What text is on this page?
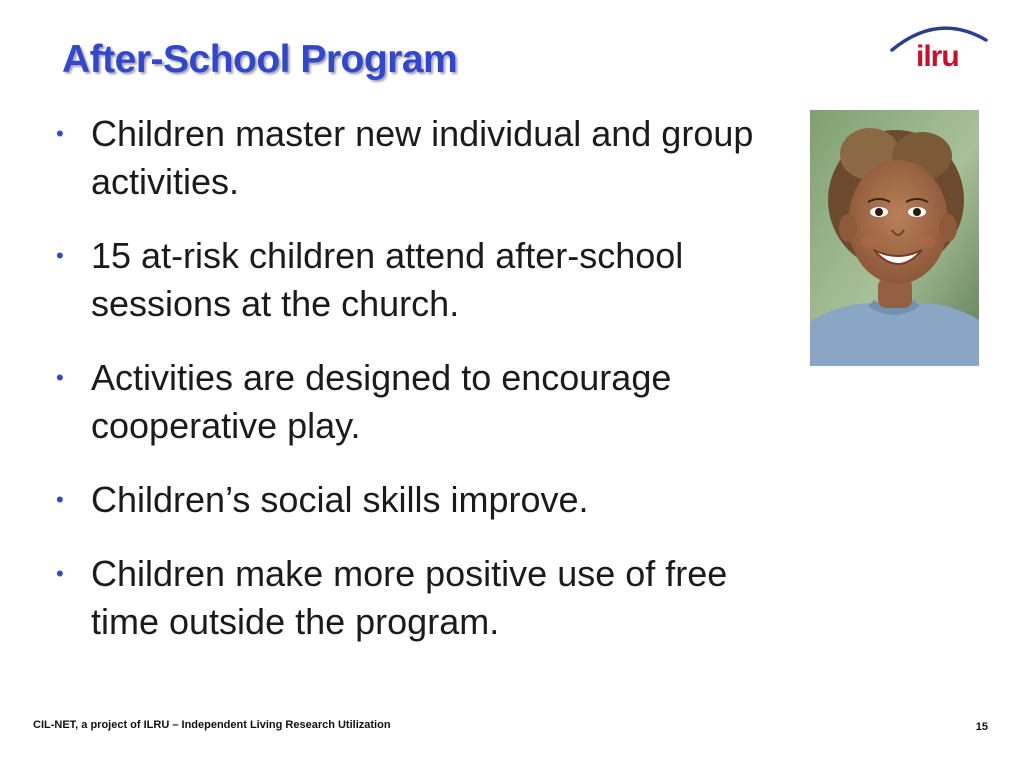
After-School Program	ilru
• Children master new individual and group activities.
• 15 at-risk children attend after-school sessions at the church.
• Activities are designed to encourage cooperative play.
• Children’s social skills improve.
• Children make more positive use of free time outside the program.
CIL-NET, a project of ILRU – Independent Living Research Utilization	15
